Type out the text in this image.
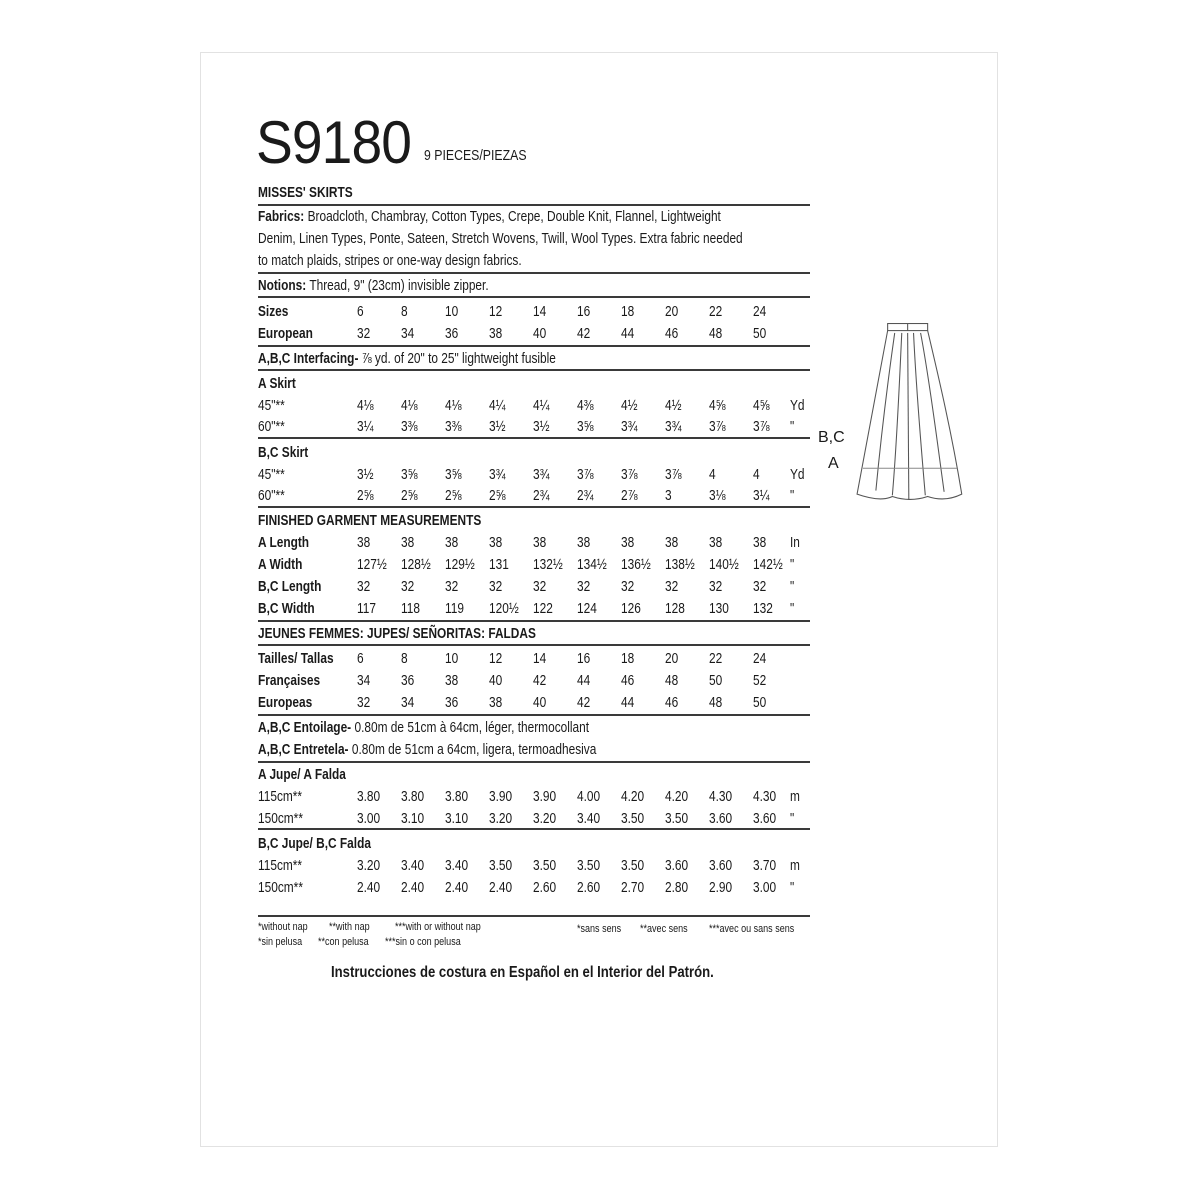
S9180 9 PIECES/PIEZAS
MISSES' SKIRTS
Fabrics: Broadcloth, Chambray, Cotton Types, Crepe, Double Knit, Flannel, Lightweight
Denim, Linen Types, Ponte, Sateen, Stretch Wovens, Twill, Wool Types. Extra fabric needed
to match plaids, stripes or one-way design fabrics.
Notions: Thread, 9" (23cm) invisible zipper.
Sizes	6	8	10 12 14 16 18 20 22 24
European	32 34 36 38 40 42 44 46 48 50
45"**	4⅛ 4⅛ 4⅛ 4¼ 4¼ 4⅜ 4½ 4½ 4⅝ 4⅝ Yd
60"**	3¼ 3⅜ 3⅜ 3½ 3½ 3⅝ 3¾ 3¾ 3⅞ 3⅞ "
45"**	3½ 3⅝ 3⅝ 3¾ 3¾ 3⅞ 3⅞ 3⅞ 4	4 Yd
60"**	2⅝ 2⅝ 2⅝ 2⅝ 2¾ 2¾ 2⅞ 3	3⅛ 3¼ "
A Length	38 38 38 38 38 38 38 38 38 38 In
A Width	127½ 128½ 129½ 131 132½ 134½ 136½ 138½ 140½ 142½ "
B,C Length 32 32 32 32 32 32 32 32 32 32 "
B,C Width	117 118 119 120½ 122 124 126 128 130 132 "
Tailles/ Tallas 6	8	10 12 14 16 18 20 22 24
Françaises	34 36 38 40 42 44 46 48 50 52
Europeas	32 34 36 38 40 42 44 46 48 50
115cm**	3.80 3.80 3.80 3.90 3.90 4.00 4.20 4.20 4.30 4.30 m
150cm**	3.00 3.10 3.10 3.20 3.20 3.40 3.50 3.50 3.60 3.60 "
115cm**	3.20 3.40 3.40 3.50 3.50 3.50 3.50 3.60 3.60 3.70 m
150cm**	2.40 2.40 2.40 2.40 2.60 2.60 2.70 2.80 2.90 3.00 "
A,B,C Interfacing- ⅞ yd. of 20" to 25" lightweight fusible
A Skirt
B,C Skirt
FINISHED GARMENT MEASUREMENTS
JEUNES FEMMES: JUPES/ SEÑORITAS: FALDAS
A,B,C Entoilage- 0.80m de 51cm à 64cm, léger, thermocollant
A,B,C Entretela- 0.80m de 51cm a 64cm, ligera, termoadhesiva
A Jupe/ A Falda
B,C Jupe/ B,C Falda
*without nap **with nap ***with or without nap
*sin pelusa **con pelusa ***sin o con pelusa
*sans sens **avec sens ***avec ou sans sens
Instrucciones de costura en Español en el Interior del Patrón.
B,C
A
